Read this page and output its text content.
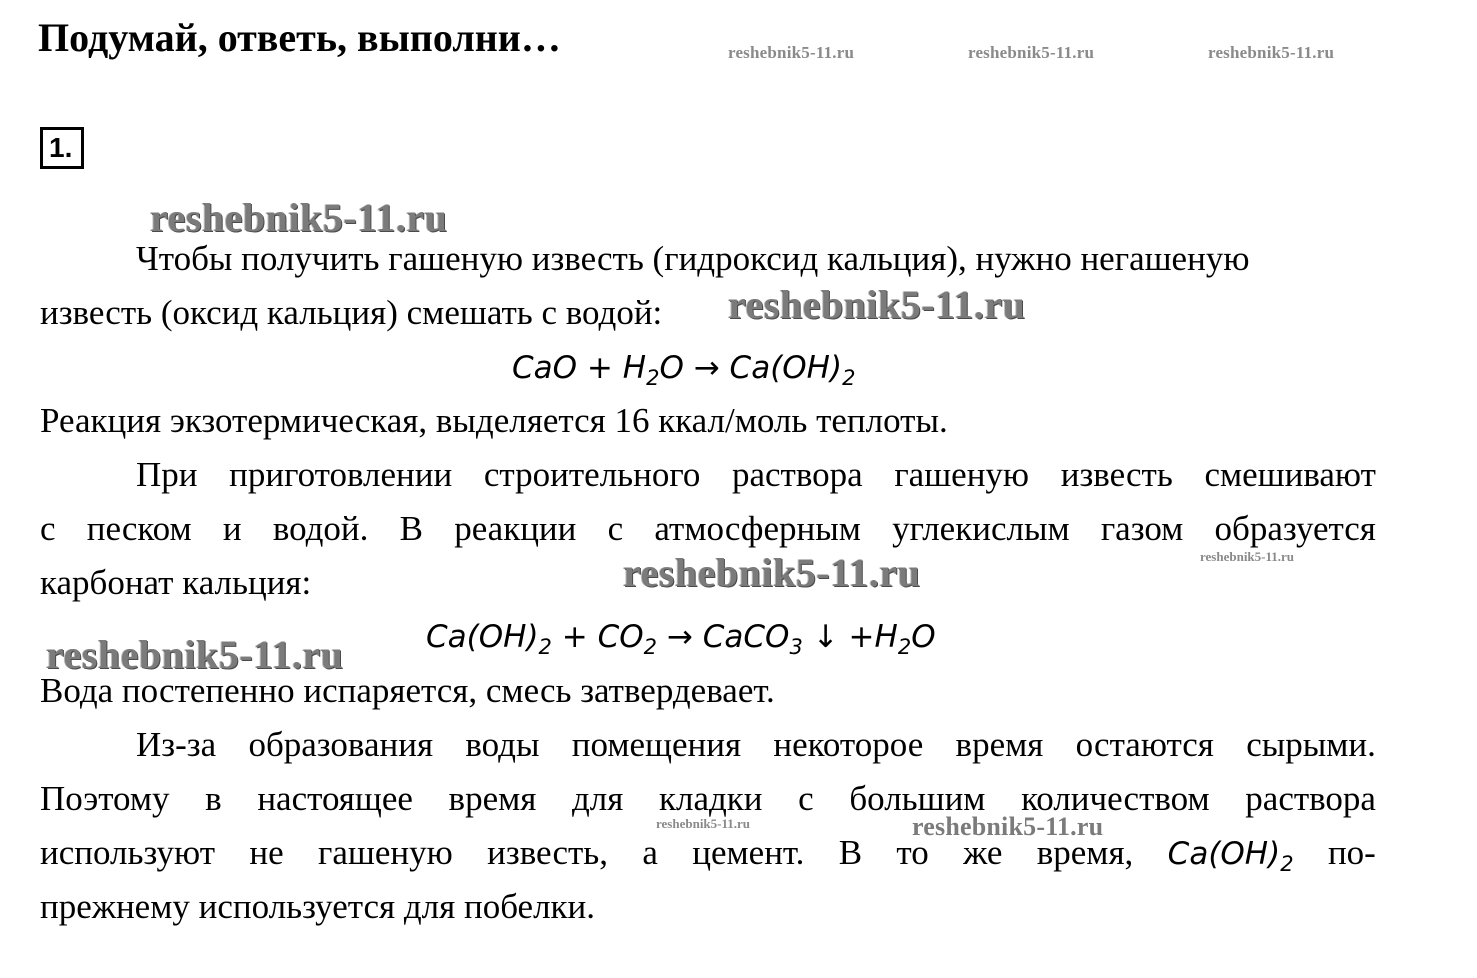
Подумай, ответь, выполни…	reshebnik5-11.ru	reshebnik5-11.ru	reshebnik5-11.ru
1.
reshebnik5-11.ru
Чтобы получить гашеную известь (гидроксид кальция), нужно негашеную
известь (оксид кальция) смешать с водой: reshebnik5-11.ru
CaO + $H_2O \to Ca(OH)_2$
Реакция экзотермическая, выделяется 16 ккал/моль теплоты.
При приготовлении строительного раствора гашеную известь смешивают
с песком и водой. В реакции с атмосферным углекислым газом образуется
reshebnik5-11.ru
карбонат кальция:	reshebnik5-11.ru
reshebnik5-11.ru	$Ca(OH)_2 + CO_2$ → CaCO$_3$ ↓ $+H_2O$
Вода постепенно испаряется, смесь затвердевает.
Из-за образования воды помещения некоторое время остаются сырыми.
Поэтому в настоящее время для кладки с большим количеством раствора
reshebnik5-11.ru	reshebnik5-11.ru
используют не гашеную известь, а цемент. В то же время, $Ca(OH)_2$ по-
прежнему используется для побелки.
